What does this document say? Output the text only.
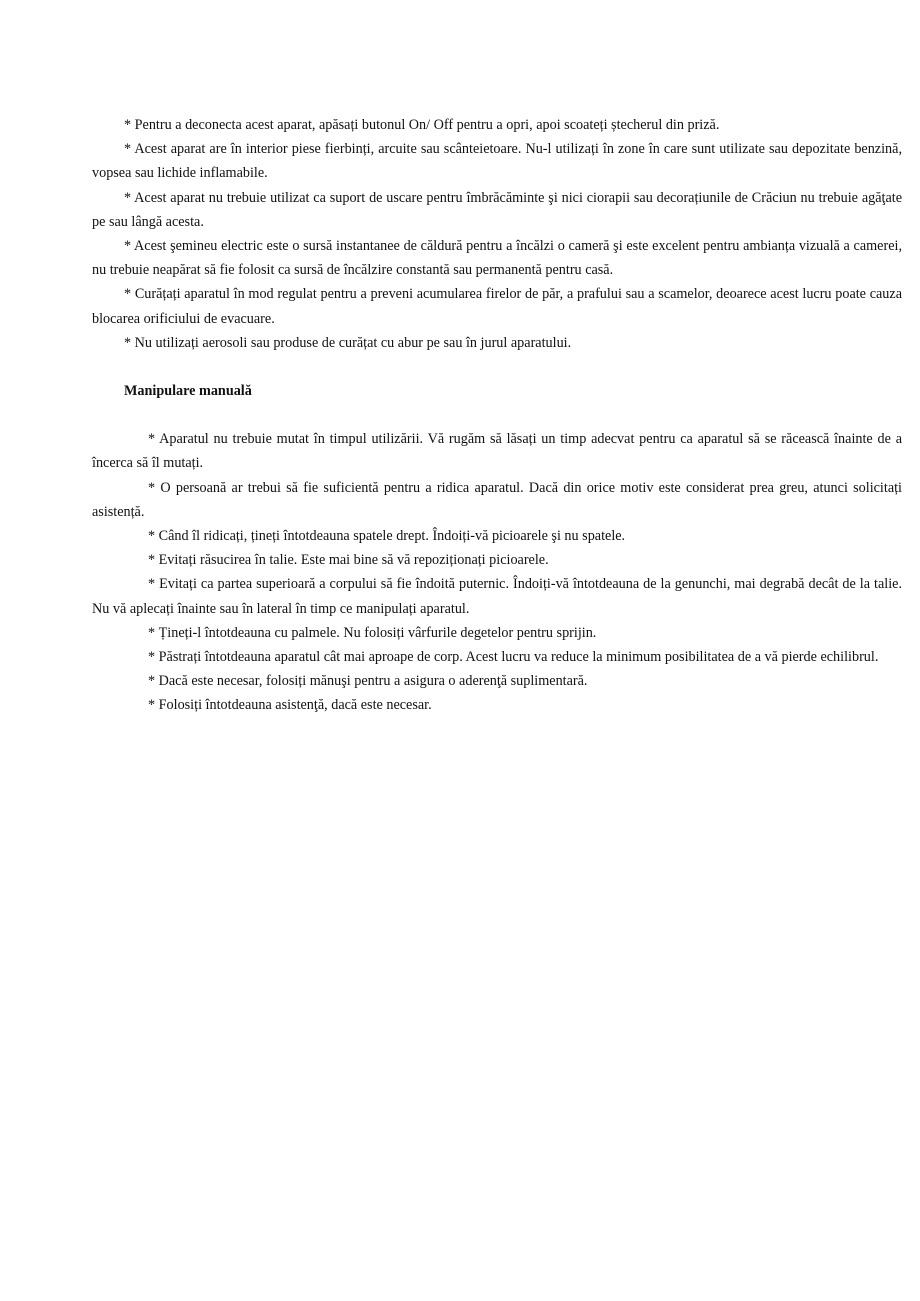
* Pentru a deconecta acest aparat, apăsați butonul On/ Off pentru a opri, apoi scoateți ștecherul din priză.

* Acest aparat are în interior piese fierbinți, arcuite sau scânteietoare. Nu-l utilizați în zone în care sunt utilizate sau depozitate benzină, vopsea sau lichide inflamabile.

* Acest aparat nu trebuie utilizat ca suport de uscare pentru îmbrăcăminte şi nici ciorapii sau decorațiunile de Crăciun nu trebuie agăţate pe sau lângă acesta.

* Acest şemineu electric este o sursă instantanee de căldură pentru a încălzi o cameră şi este excelent pentru ambianța vizuală a camerei, nu trebuie neapărat să fie folosit ca sursă de încălzire constantă sau permanentă pentru casă.

* Curățați aparatul în mod regulat pentru a preveni acumularea firelor de păr, a prafului sau a scamelor, deoarece acest lucru poate cauza blocarea orificiului de evacuare.

* Nu utilizați aerosoli sau produse de curățat cu abur pe sau în jurul aparatului.

Manipulare manuală

* Aparatul nu trebuie mutat în timpul utilizării. Vă rugăm să lăsați un timp adecvat pentru ca aparatul să se răcească înainte de a încerca să îl mutați.

* O persoană ar trebui să fie suficientă pentru a ridica aparatul. Dacă din orice motiv este considerat prea greu, atunci solicitați asistență.

* Când îl ridicați, țineți întotdeauna spatele drept. Îndoiți-vă picioarele şi nu spatele.

* Evitați răsucirea în talie. Este mai bine să vă repoziționați picioarele.

* Evitați ca partea superioară a corpului să fie îndoită puternic. Îndoiți-vă întotdeauna de la genunchi, mai degrabă decât de la talie. Nu vă aplecați înainte sau în lateral în timp ce manipulați aparatul.

* Țineți-l întotdeauna cu palmele. Nu folosiți vârfurile degetelor pentru sprijin.

* Păstrați întotdeauna aparatul cât mai aproape de corp. Acest lucru va reduce la minimum posibilitatea de a vă pierde echilibrul.

* Dacă este necesar, folosiți mănuşi pentru a asigura o aderenţă suplimentară.

* Folosiți întotdeauna asistenţă, dacă este necesar.
